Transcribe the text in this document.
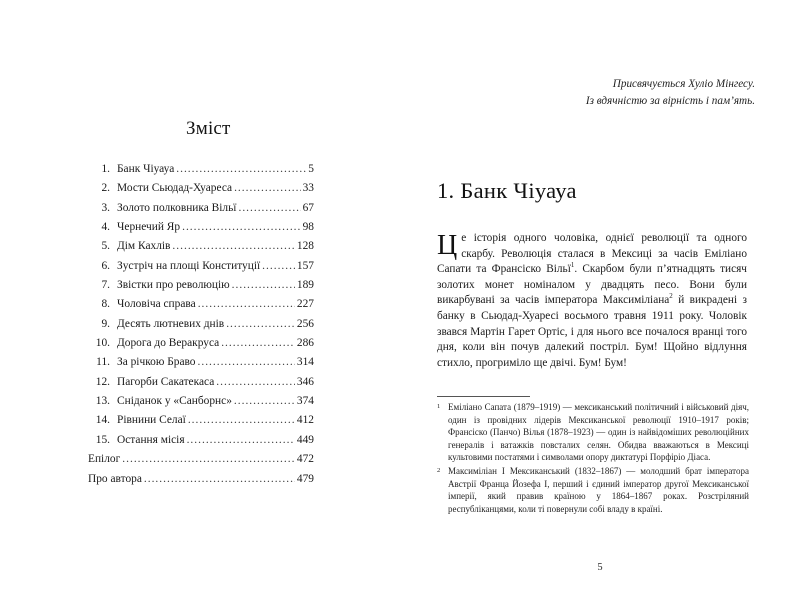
Зміст
1. Банк Чіуауа .....	5
2. Мости Сьюдад-Хуареса .....	33
3. Золото полковника Вільї .....	67
4. Чернечий Яр .....	98
5. Дім Кахлів .....	128
6. Зустріч на площі Конституції .....	157
7. Звістки про революцію .....	189
8. Чоловіча справа .....	227
9. Десять лютневих днів .....	256
10. Дорога до Веракруса .....	286
11. За річкою Браво .....	314
12. Пагорби Сакатекаса .....	346
13. Сніданок у «Санборнс» .....	374
14. Рівнини Селаї .....	412
15. Остання місія .....	449
Епілог .....	472
Про автора .....	479
Присвячується Хуліо Мінгесу.
Із вдячністю за вірність і пам’ять.
1. Банк Чіуауа
Це історія одного чоловіка, однієї революції та одного скарбу. Революція сталася в Мексиці за часів Еміліано Сапати та Франсіско Вільї$^1$. Скарбом були п’ятнадцять тисяч золотих монет номіналом у двадцять песо. Вони були викарбувані за часів імператора Максиміліана$^2$ й викрадені з банку в Сьюдад-Хуаресі восьмого травня 1911 року. Чоловік звався Мартін Гарет Ортіс, і для нього все почалося вранці того дня, коли він почув далекий постріл. Бум! Щойно відлуння стихло, прогриміло ще двічі. Бум! Бум!
1 Еміліано Сапата (1879–1919) — мексиканський політичний і військовий діяч, один із провідних лідерів Мексиканської революції 1910–1917 років; Франсіско (Панчо) Вілья (1878–1923) — один із найвідоміших революційних генералів і ватажків повсталих селян. Обидва вважаються в Мексиці культовими постатями і символами опору диктатурі Порфіріо Діаса.
2 Максиміліан I Мексиканський (1832–1867) — молодший брат імператора Австрії Франца Йозефа I, перший і єдиний імператор другої Мексиканської імперії, який правив країною у 1864–1867 роках. Розстріляний республіканцями, коли ті повернули собі владу в країні.
5
